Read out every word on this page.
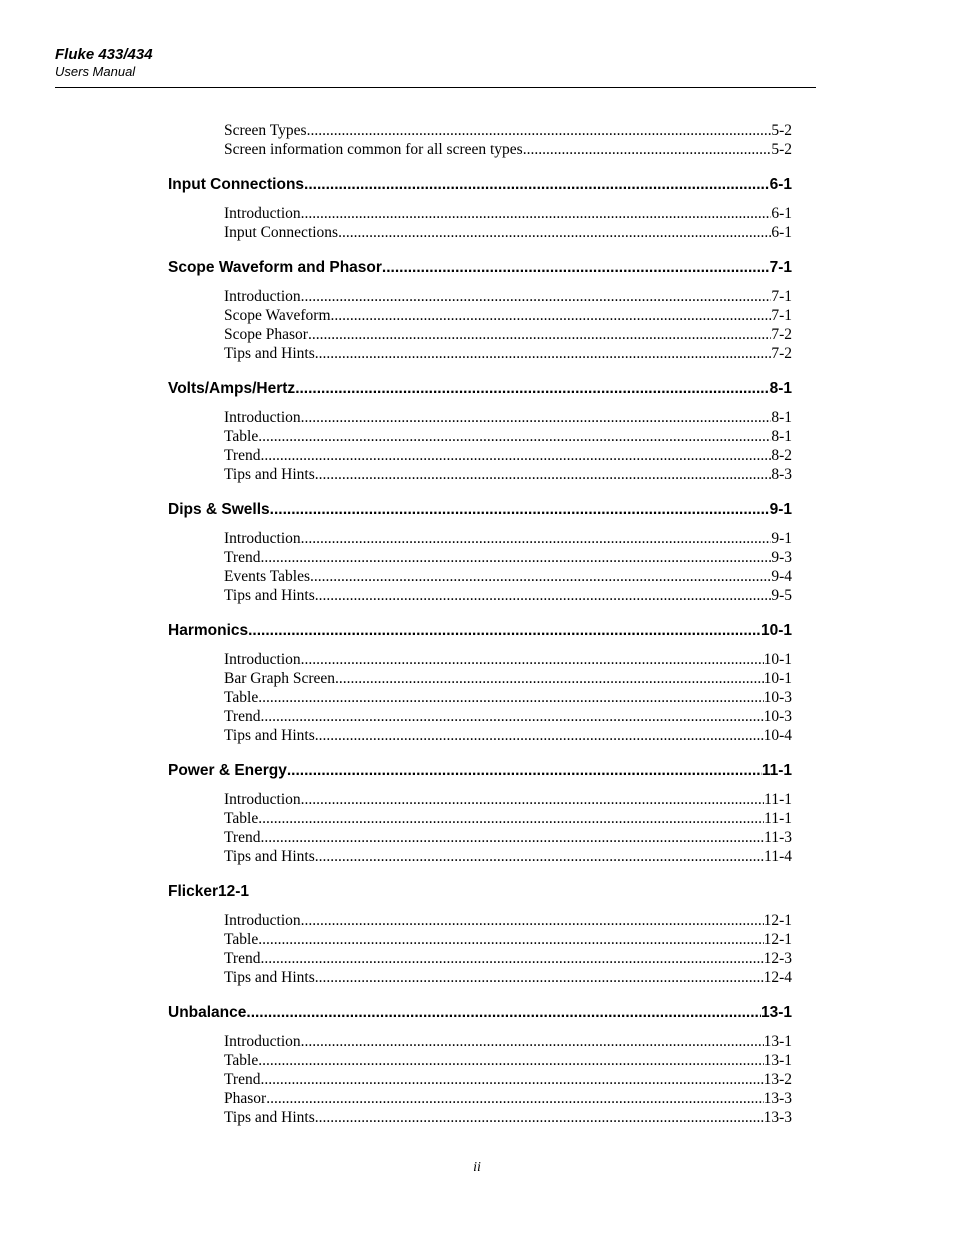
Fluke 433/434
Users Manual
Screen Types .....	5-2
Screen information common for all screen types .....	5-2
Input Connections .....	6-1
Introduction .....	6-1
Input Connections .....	6-1
Scope Waveform and Phasor .....	7-1
Introduction .....	7-1
Scope Waveform .....	7-1
Scope Phasor .....	7-2
Tips and Hints .....	7-2
Volts/Amps/Hertz .....	8-1
Introduction .....	8-1
Table .....	8-1
Trend .....	8-2
Tips and Hints .....	8-3
Dips & Swells .....	9-1
Introduction .....	9-1
Trend .....	9-3
Events Tables .....	9-4
Tips and Hints .....	9-5
Harmonics .....	10-1
Introduction .....	10-1
Bar Graph Screen .....	10-1
Table .....	10-3
Trend .....	10-3
Tips and Hints .....	10-4
Power & Energy .....	11-1
Introduction .....	11-1
Table .....	11-1
Trend .....	11-3
Tips and Hints .....	11-4
Flicker12-1
Introduction .....	12-1
Table .....	12-1
Trend .....	12-3
Tips and Hints .....	12-4
Unbalance .....	13-1
Introduction .....	13-1
Table .....	13-1
Trend .....	13-2
Phasor .....	13-3
Tips and Hints .....	13-3
ii
